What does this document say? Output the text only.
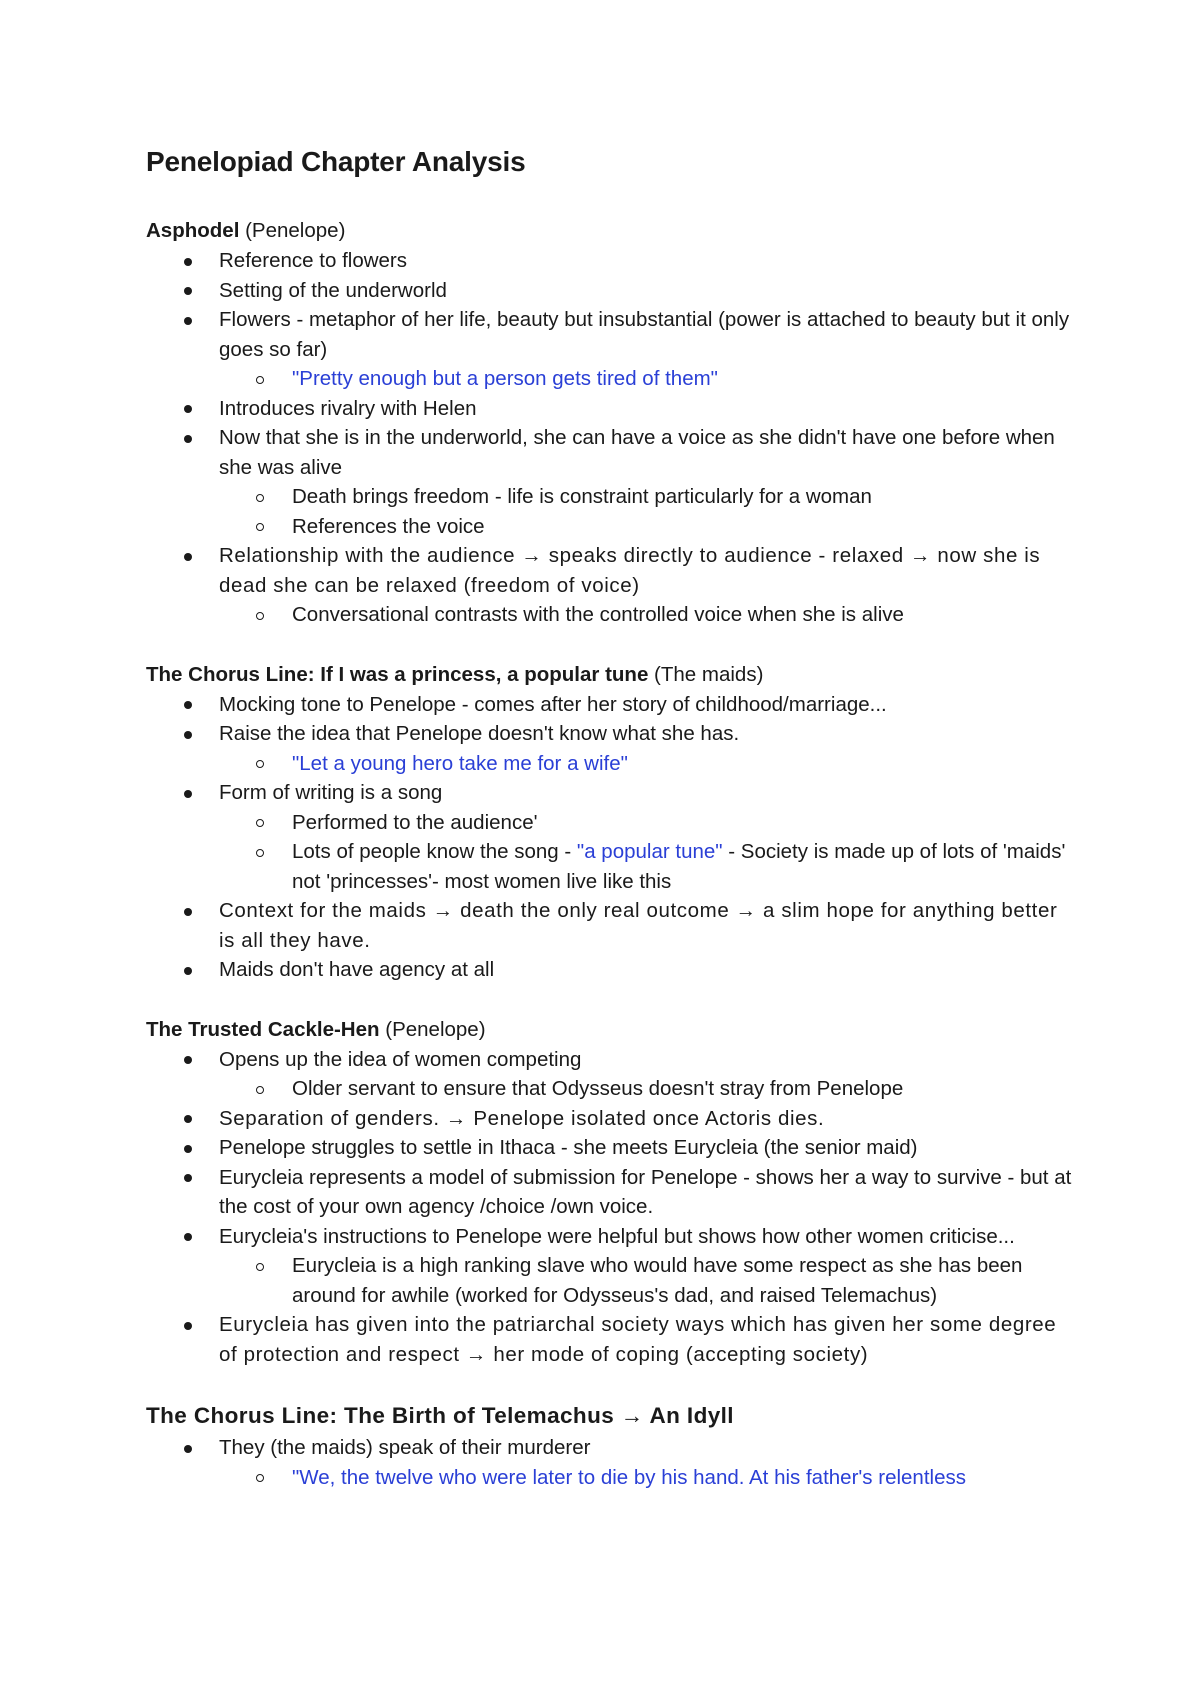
Penelopiad Chapter Analysis
Asphodel (Penelope)
Reference to flowers
Setting of the underworld
Flowers - metaphor of her life, beauty but insubstantial (power is attached to beauty but it only goes so far)
"Pretty enough but a person gets tired of them"
Introduces rivalry with Helen
Now that she is in the underworld, she can have a voice as she didn't have one before when she was alive
Death brings freedom - life is constraint particularly for a woman
References the voice
Relationship with the audience → speaks directly to audience - relaxed → now she is dead she can be relaxed (freedom of voice)
Conversational contrasts with the controlled voice when she is alive
The Chorus Line: If I was a princess, a popular tune (The maids)
Mocking tone to Penelope - comes after her story of childhood/marriage...
Raise the idea that Penelope doesn't know what she has.
"Let a young hero take me for a wife"
Form of writing is a song
Performed to the audience'
Lots of people know the song - "a popular tune" - Society is made up of lots of 'maids' not 'princesses'- most women live like this
Context for the maids → death the only real outcome → a slim hope for anything better is all they have.
Maids don't have agency at all
The Trusted Cackle-Hen (Penelope)
Opens up the idea of women competing
Older servant to ensure that Odysseus doesn't stray from Penelope
Separation of genders. → Penelope isolated once Actoris dies.
Penelope struggles to settle in Ithaca - she meets Eurycleia (the senior maid)
Eurycleia represents a model of submission for Penelope - shows her a way to survive - but at the cost of your own agency /choice /own voice.
Eurycleia's instructions to Penelope were helpful but shows how other women criticise...
Eurycleia is a high ranking slave who would have some respect as she has been around for awhile (worked for Odysseus's dad, and raised Telemachus)
Eurycleia has given into the patriarchal society ways which has given her some degree of protection and respect → her mode of coping (accepting society)
The Chorus Line: The Birth of Telemachus → An Idyll
They (the maids) speak of their murderer
"We, the twelve who were later to die by his hand. At his father's relentless
